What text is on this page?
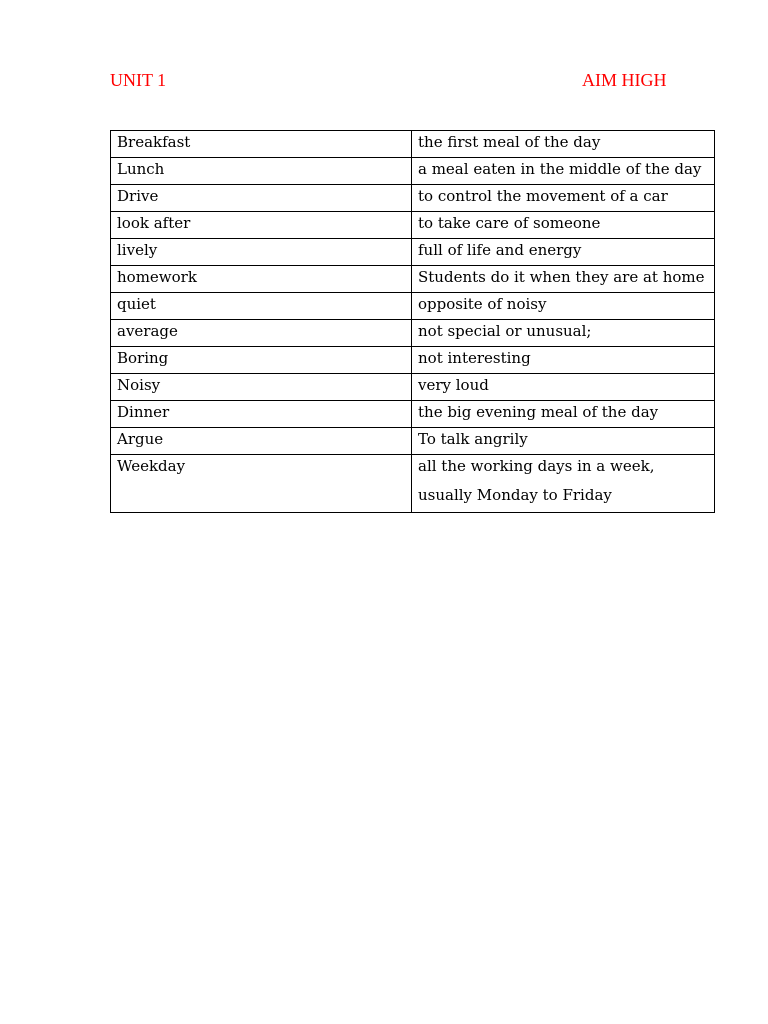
UNIT 1	AIM HIGH
Breakfast	the first meal of the day

Lunch	a meal eaten in the middle of the day

Drive	to control the movement of a car

look after	to take care of someone

lively	full of life and energy

homework	Students do it when they are at home

quiet	opposite of noisy

average	not special or unusual;

Boring	not interesting

Noisy	very loud

Dinner	the big evening meal of the day

Argue	To talk angrily

Weekday	all the working days in a week, usually Monday to Friday
